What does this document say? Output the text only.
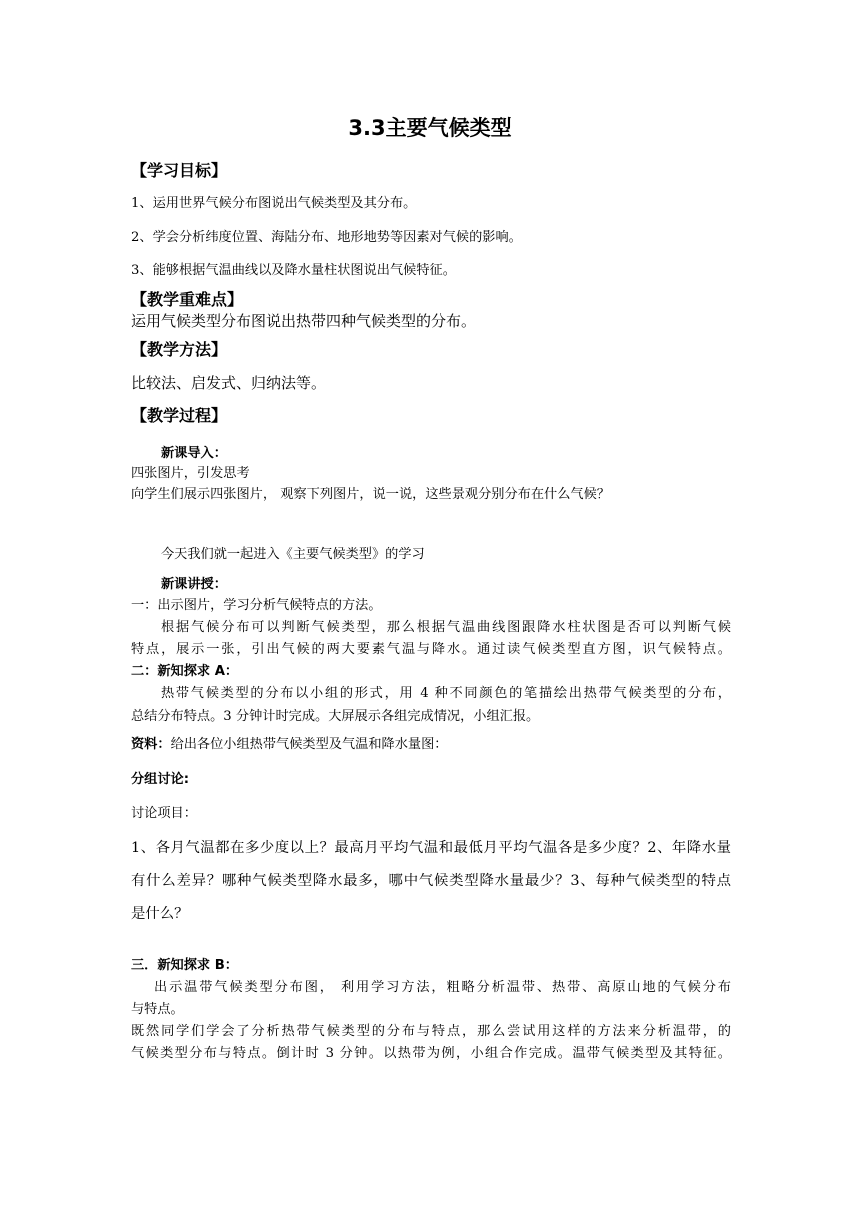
3.3主要气候类型
【学习目标】
1、运用世界气候分布图说出气候类型及其分布。
2、学会分析纬度位置、海陆分布、地形地势等因素对气候的影响。
3、能够根据气温曲线以及降水量柱状图说出气候特征。
【教学重难点】
运用气候类型分布图说出热带四种气候类型的分布。
【教学方法】
比较法、启发式、归纳法等。
【教学过程】
新课导入：
四张图片，引发思考
向学生们展示四张图片， 观察下列图片，说一说，这些景观分别分布在什么气候？
今天我们就一起进入《主要气候类型》的学习
新课讲授：
一：出示图片，学习分析气候特点的方法。
根据气候分布可以判断气候类型，那么根据气温曲线图跟降水柱状图是否可以判断气候
特点，展示一张，引出气候的两大要素气温与降水。通过读气候类型直方图，识气候特点。
二：新知探求 A：
热带气候类型的分布以小组的形式，用 4 种不同颜色的笔描绘出热带气候类型的分布，
总结分布特点。3 分钟计时完成。大屏展示各组完成情况，小组汇报。
资料：给出各位小组热带气候类型及气温和降水量图：
分组讨论:
讨论项目：
1、各月气温都在多少度以上？最高月平均气温和最低月平均气温各是多少度？2、年降水量
有什么差异？哪种气候类型降水最多，哪中气候类型降水量最少？3、每种气候类型的特点
是什么？
三．新知探求 B：
出示温带气候类型分布图， 利用学习方法，粗略分析温带、热带、高原山地的气候分布
与特点。
既然同学们学会了分析热带气候类型的分布与特点，那么尝试用这样的方法来分析温带，的
气候类型分布与特点。倒计时 3 分钟。以热带为例，小组合作完成。温带气候类型及其特征。
